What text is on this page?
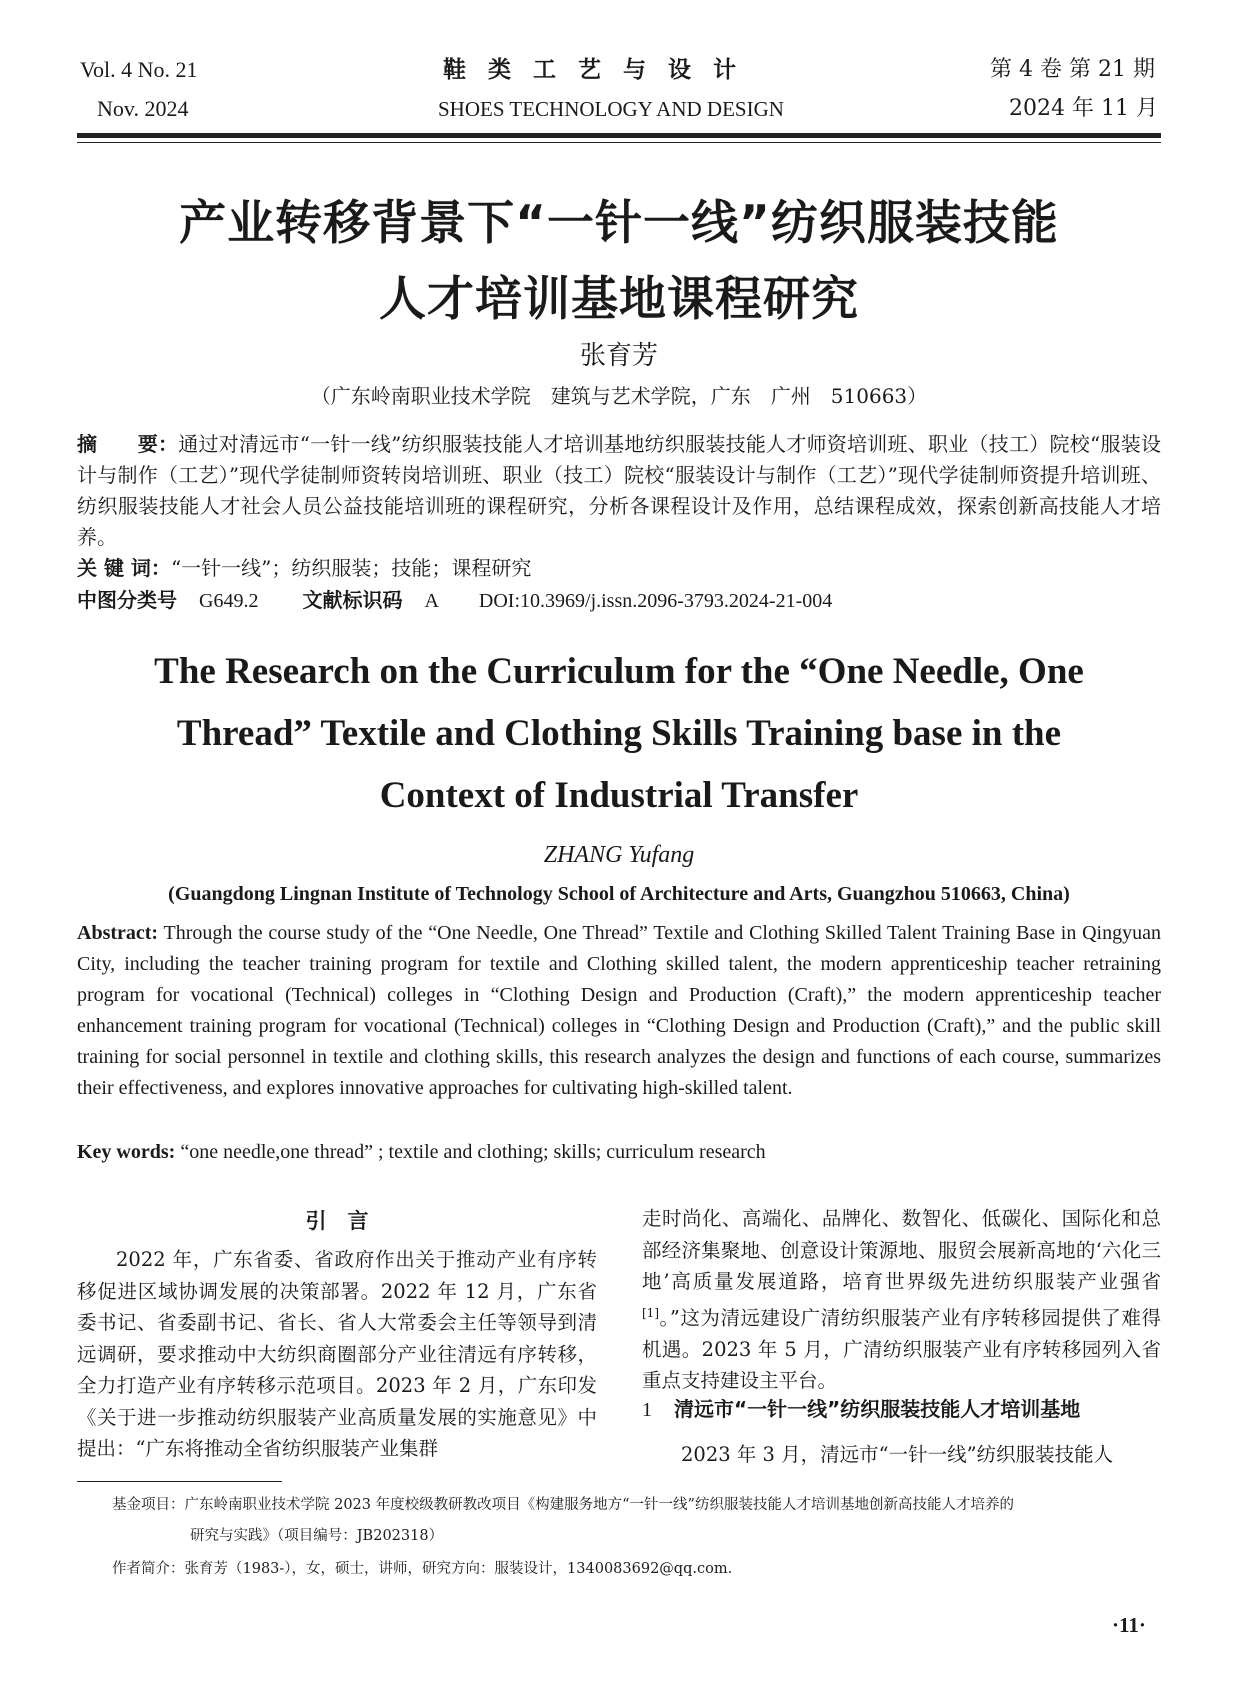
Vol. 4 No. 21
Nov. 2024
鞋类工艺与设计
SHOES TECHNOLOGY AND DESIGN
第 4 卷 第 21 期
2024 年 11 月
产业转移背景下“一针一线”纺织服装技能
人才培训基地课程研究
张育芳
（广东岭南职业技术学院　建筑与艺术学院，广东　广州　510663）
摘　　要：通过对清远市“一针一线”纺织服装技能人才培训基地纺织服装技能人才师资培训班、职业（技工）院校“服装设计与制作（工艺）”现代学徒制师资转岗培训班、职业（技工）院校“服装设计与制作（工艺）”现代学徒制师资提升培训班、纺织服装技能人才社会人员公益技能培训班的课程研究，分析各课程设计及作用，总结课程成效，探索创新高技能人才培养。
关 键 词：“一针一线”；纺织服装；技能；课程研究
中图分类号 G649.2 文献标识码 A DOI:10.3969/j.issn.2096-3793.2024-21-004
The Research on the Curriculum for the “One Needle, One
Thread” Textile and Clothing Skills Training base in the
Context of Industrial Transfer
ZHANG Yufang
(Guangdong Lingnan Institute of Technology School of Architecture and Arts, Guangzhou 510663, China)
Abstract: Through the course study of the “One Needle, One Thread” Textile and Clothing Skilled Talent Training Base in Qingyuan City, including the teacher training program for textile and Clothing skilled talent, the modern apprenticeship teacher retraining program for vocational (Technical) colleges in “Clothing Design and Production (Craft),” the modern apprenticeship teacher enhancement training program for vocational (Technical) colleges in “Clothing Design and Production (Craft),” and the public skill training for social personnel in textile and clothing skills, this research analyzes the design and functions of each course, summarizes their effectiveness, and explores innovative approaches for cultivating high-skilled talent.
Key words: “one needle,one thread” ; textile and clothing; skills; curriculum research
引　言
2022 年，广东省委、省政府作出关于推动产业有序转移促进区域协调发展的决策部署。2022 年 12 月，广东省委书记、省委副书记、省长、省人大常委会主任等领导到清远调研，要求推动中大纺织商圈部分产业往清远有序转移，全力打造产业有序转移示范项目。2023 年 2 月，广东印发《关于进一步推动纺织服装产业高质量发展的实施意见》中提出：“广东将推动全省纺织服装产业集群
走时尚化、高端化、品牌化、数智化、低碳化、国际化和总部经济集聚地、创意设计策源地、服贸会展新高地的‘六化三地’高质量发展道路，培育世界级先进纺织服装产业强省[1]。”这为清远建设广清纺织服装产业有序转移园提供了难得机遇。2023 年 5 月，广清纺织服装产业有序转移园列入省重点支持建设主平台。
1 清远市“一针一线”纺织服装技能人才培训基地
2023 年 3 月，清远市“一针一线”纺织服装技能人
基金项目：广东岭南职业技术学院 2023 年度校级教研教改项目《构建服务地方“一针一线”纺织服装技能人才培训基地创新高技能人才培养的
研究与实践》（项目编号：JB202318）
作者简介：张育芳（1983-），女，硕士，讲师，研究方向：服装设计，1340083692@qq.com.
·11·
